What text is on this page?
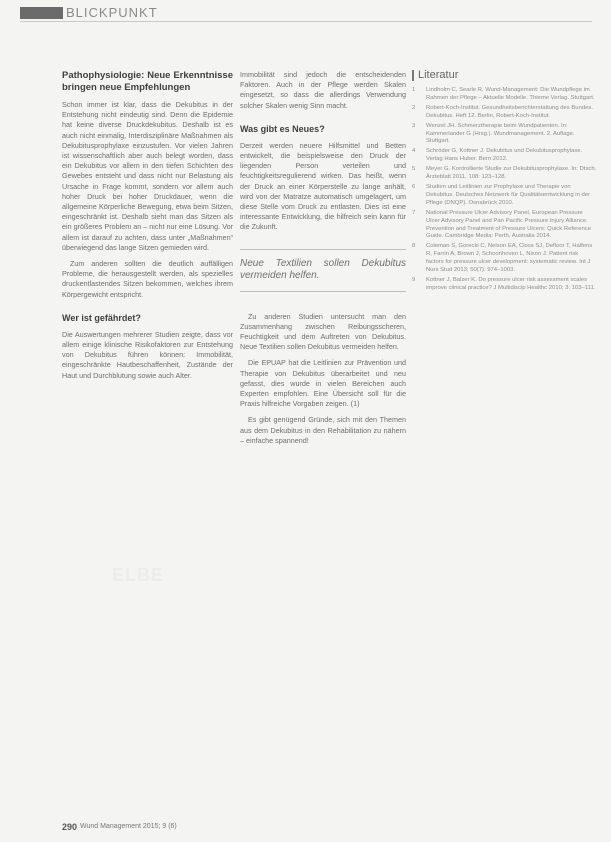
BLICKPUNKT
Pathophysiologie: Neue Erkenntnisse bringen neue Empfehlungen

Schon immer ist klar, dass die Dekubitus in der Entstehung nicht eindeutig sind. Denn die Epidemie hat keine diverse Druckdekubitus. Deshalb ist es auch nicht einmalig, Interdisziplinäre Maßnahmen als Dekubitusprophylaxe einzustufen. Vor vielen Jahren ist wissenschaftlich aber auch belegt worden, dass ein Dekubitus vor allem in den tiefen Schichten des Gewebes entsteht und dass nicht nur Belastung als Ursache in Frage kommt, sondern vor allem auch hoher Druck bei hoher Druckdauer, wenn die allgemeine Körperliche Bewegung, etwa beim Sitzen, eingeschränkt ist. Deshalb sieht man das Sitzen als ein größeres Problem an – nicht nur eine Lösung. Vor allem ist darauf zu achten, dass unter „Maßnahmen“ überwiegend das lange Sitzen gemieden wird.

Zum anderen sollten die deutlich auffälligen Probleme, die herausgestellt werden, als spezielles druckentlastendes Sitzen bekommen, welches ihrem Körpergewicht entspricht.

Wer ist gefährdet?

Die Auswertungen mehrerer Studien zeigte, dass vor allem einige klinische Risikofaktoren zur Entstehung von Dekubitus führen können: Immobilität, eingeschränkte Hautbeschaffenheit, Zustände der Haut und Durchblutung sowie auch Alter.

Immobilität sind jedoch die entscheidenden Faktoren. Auch in der Pflege werden Skalen eingesetzt, so dass die allerdings Verwendung solcher Skalen wenig Sinn macht.

Was gibt es Neues?

Derzeit werden neuere Hilfsmittel und Betten entwickelt, die beispielsweise den Druck der liegenden Person verteilen und feuchtigkeitsregulierend wirken. Das heißt, wenn der Druck an einer Körperstelle zu lange anhält, wird von der Matratze automatisch umgelagert, um diese Stelle vom Druck zu entlasten. Dies ist eine interessante Entwicklung, die hilfreich sein kann für die Zukunft.

Neue Textilien sollen Dekubitus vermeiden helfen.

Zu anderen Studien untersucht man den Zusammenhang zwischen Reibungsscheren, Feuchtigkeit und dem Auftreten von Dekubitus. Neue Textilien sollen Dekubitus vermeiden helfen.

Die EPUAP hat die Leitlinien zur Prävention und Therapie von Dekubitus überarbeitet und neu gefasst, dies wurde in vielen Bereichen auch Experten empfohlen. Eine Übersicht soll für die Praxis hilfreiche Vorgaben zeigen. (1)

Es gibt genügend Gründe, sich mit den Themen aus dem Dekubitus in den Rehabilitation zu nähern – einfache spannend!

Literatur
1 Lindholm C, Searle R. Wund-Management: Die Wundpflege im Rahmen der Pflege – Aktuelle Modelle. Thieme Verlag. Stuttgart.
2 Robert-Koch-Institut. Gesundheitsberichterstattung des Bundes. Dekubitus. Heft 12. Berlin, Robert-Koch-Institut.
3 Wenzel JH. Schmerztherapie beim Wundpatienten. In: Kammerlander G (Hrsg.). Wundmanagement. 2. Auflage. Stuttgart.
4 Schröder G, Kottner J. Dekubitus und Dekubitusprophylaxe. Verlag Hans Huber. Bern 2012.
5 Meyer G. Kontrollierte Studie zur Dekubitusprophylaxe. In: Dtsch. Ärzteblatt 2011, 108: 123–128.
6 Studien und Leitlinien zur Prophylaxe und Therapie von Dekubitus. Deutsches Netzwerk für Qualitätsentwicklung in der Pflege (DNQP). Osnabrück 2010.
7 National Pressure Ulcer Advisory Panel, European Pressure Ulcer Advisory Panel and Pan Pacific Pressure Injury Alliance. Prevention and Treatment of Pressure Ulcers: Quick Reference Guide. Cambridge Media: Perth, Australia 2014.
8 Coleman S, Gorecki C, Nelson EA, Closs SJ, Defloor T, Halfens R, Farrin A, Brown J, Schoonhoven L, Nixon J. Patient risk factors for pressure ulcer development: systematic review. Int J Nurs Stud 2013; 50(7): 974–1003.
9 Kottner J, Balzer K. Do pressure ulcer risk assessment scales improve clinical practice? J Multidiscip Healthc 2010; 3: 103–111.
ELBE
290 Wund Management 2015; 9 (6)
